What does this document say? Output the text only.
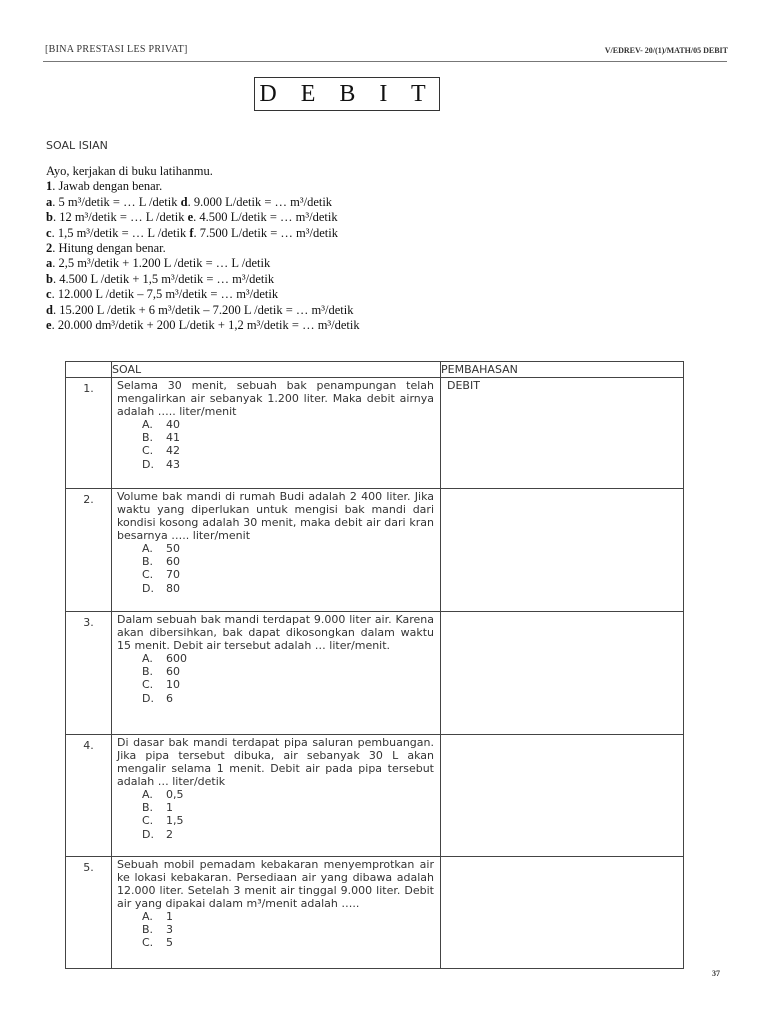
[BINA PRESTASI LES PRIVAT]	V/EDREV- 20/(1)/MATH/05 DEBIT
D E B I T
SOAL ISIAN
Ayo, kerjakan di buku latihanmu.
1. Jawab dengan benar.
a. 5 m³/detik = … L /detik d. 9.000 L/detik = … m³/detik
b. 12 m³/detik = … L /detik e. 4.500 L/detik = … m³/detik
c. 1,5 m³/detik = … L /detik f. 7.500 L/detik = … m³/detik
2. Hitung dengan benar.
a. 2,5 m³/detik + 1.200 L /detik = … L /detik
b. 4.500 L /detik + 1,5 m³/detik = … m³/detik
c. 12.000 L /detik – 7,5 m³/detik = … m³/detik
d. 15.200 L /detik + 6 m³/detik – 7.200 L /detik = … m³/detik
e. 20.000 dm³/detik + 200 L/detik + 1,2 m³/detik = … m³/detik
	SOAL	PEMBAHASAN
1.	Selama 30 menit, sebuah bak penampungan telah mengalirkan air sebanyak 1.200 liter. Maka debit airnya adalah ….. liter/menit
A. 40
B. 41
C. 42
D. 43	DEBIT
2.	Volume bak mandi di rumah Budi adalah 2 400 liter. Jika waktu yang diperlukan untuk mengisi bak mandi dari kondisi kosong adalah 30 menit, maka debit air dari kran besarnya ….. liter/menit
A. 50
B. 60
C. 70
D. 80	

3.	Dalam sebuah bak mandi terdapat 9.000 liter air. Karena akan dibersihkan, bak dapat dikosongkan dalam waktu 15 menit. Debit air tersebut adalah … liter/menit.
A. 600
B. 60
C. 10
D. 6	

4.	Di dasar bak mandi terdapat pipa saluran pembuangan. Jika pipa tersebut dibuka, air sebanyak 30 L akan mengalir selama 1 menit. Debit air pada pipa tersebut adalah … liter/detik
A. 0,5
B. 1
C. 1,5
D. 2	

5.	Sebuah mobil pemadam kebakaran menyemprotkan air ke lokasi kebakaran. Persediaan air yang dibawa adalah 12.000 liter. Setelah 3 menit air tinggal 9.000 liter. Debit air yang dipakai dalam m³/menit adalah …..
A. 1
B. 3
C. 5	

37
